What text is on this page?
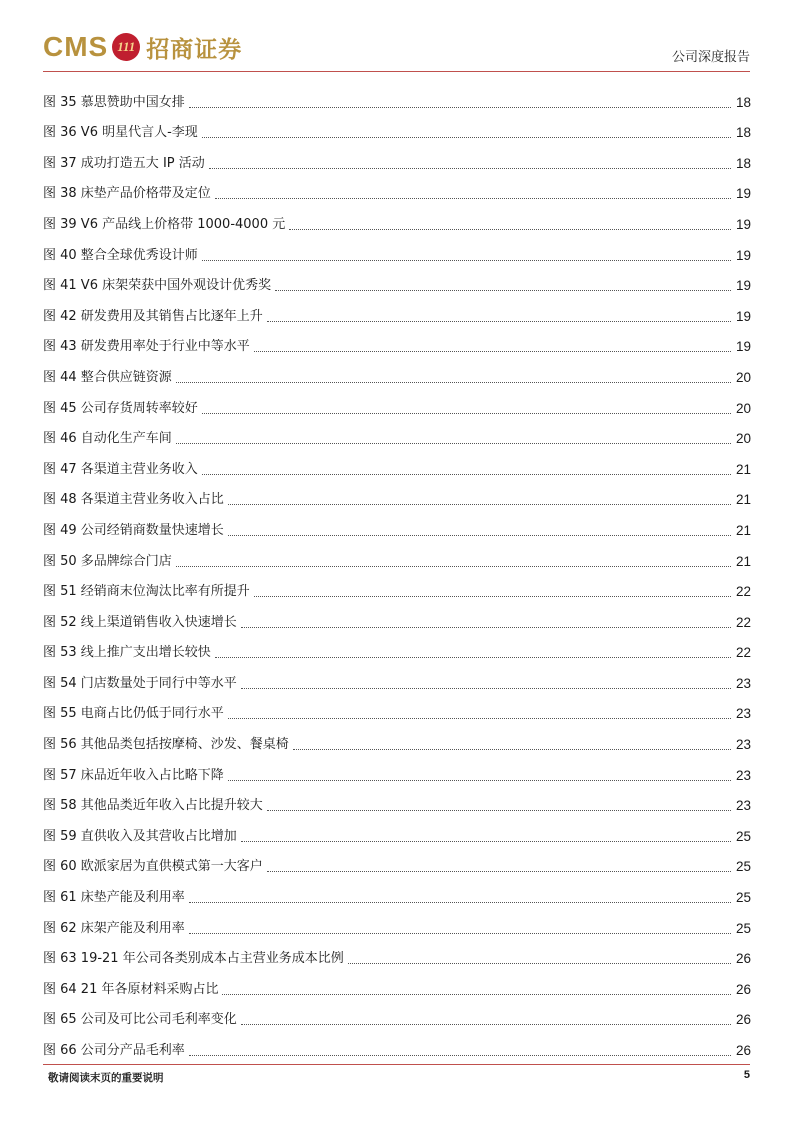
CMS 111 招商证券	公司深度报告
图 35 慕思赞助中国女排	18
图 36 V6 明星代言人-李现	18
图 37 成功打造五大 IP 活动	18
图 38 床垫产品价格带及定位	19
图 39 V6 产品线上价格带 1000-4000 元	19
图 40 整合全球优秀设计师	19
图 41 V6 床架荣获中国外观设计优秀奖	19
图 42 研发费用及其销售占比逐年上升	19
图 43 研发费用率处于行业中等水平	19
图 44 整合供应链资源	20
图 45 公司存货周转率较好	20
图 46 自动化生产车间	20
图 47 各渠道主营业务收入	21
图 48 各渠道主营业务收入占比	21
图 49 公司经销商数量快速增长	21
图 50 多品牌综合门店	21
图 51 经销商末位淘汰比率有所提升	22
图 52 线上渠道销售收入快速增长	22
图 53 线上推广支出增长较快	22
图 54 门店数量处于同行中等水平	23
图 55 电商占比仍低于同行水平	23
图 56 其他品类包括按摩椅、沙发、餐桌椅	23
图 57 床品近年收入占比略下降	23
图 58 其他品类近年收入占比提升较大	23
图 59 直供收入及其营收占比增加	25
图 60 欧派家居为直供模式第一大客户	25
图 61 床垫产能及利用率	25
图 62 床架产能及利用率	25
图 63 19-21 年公司各类别成本占主营业务成本比例	26
图 64 21 年各原材料采购占比	26
图 65 公司及可比公司毛利率变化	26
图 66 公司分产品毛利率	26
敬请阅读末页的重要说明	5
